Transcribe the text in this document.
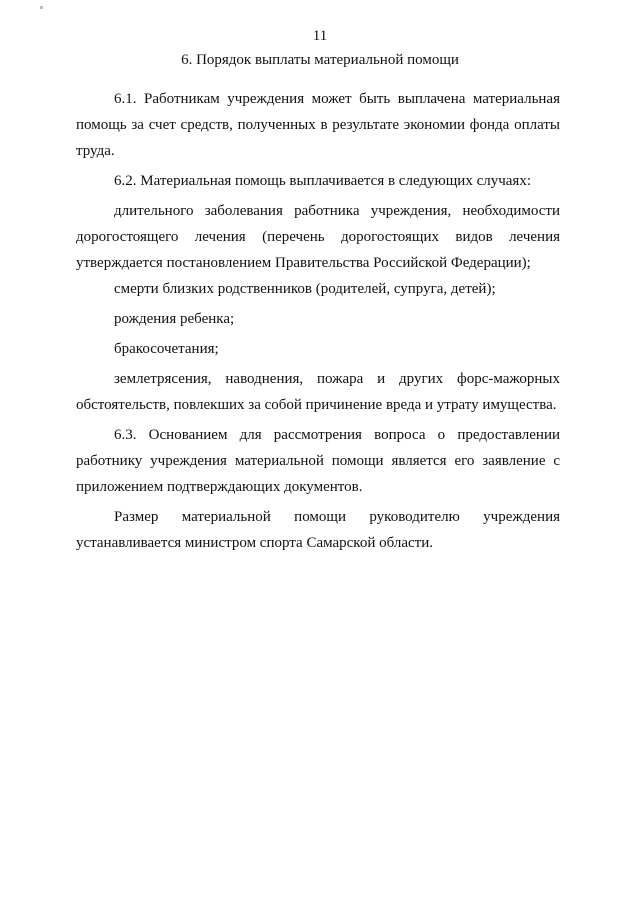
11
6. Порядок выплаты материальной помощи

6.1. Работникам учреждения может быть выплачена материальная помощь за счет средств, полученных в результате экономии фонда оплаты труда.

6.2. Материальная помощь выплачивается в следующих случаях:

длительного заболевания работника учреждения, необходимости дорогостоящего лечения (перечень дорогостоящих видов лечения утверждается постановлением Правительства Российской Федерации);

смерти близких родственников (родителей, супруга, детей);

рождения ребенка;

бракосочетания;

землетрясения, наводнения, пожара и других форс-мажорных обстоятельств, повлекших за собой причинение вреда и утрату имущества.

6.3. Основанием для рассмотрения вопроса о предоставлении работнику учреждения материальной помощи является его заявление с приложением подтверждающих документов.

Размер материальной помощи руководителю учреждения устанавливается министром спорта Самарской области.
